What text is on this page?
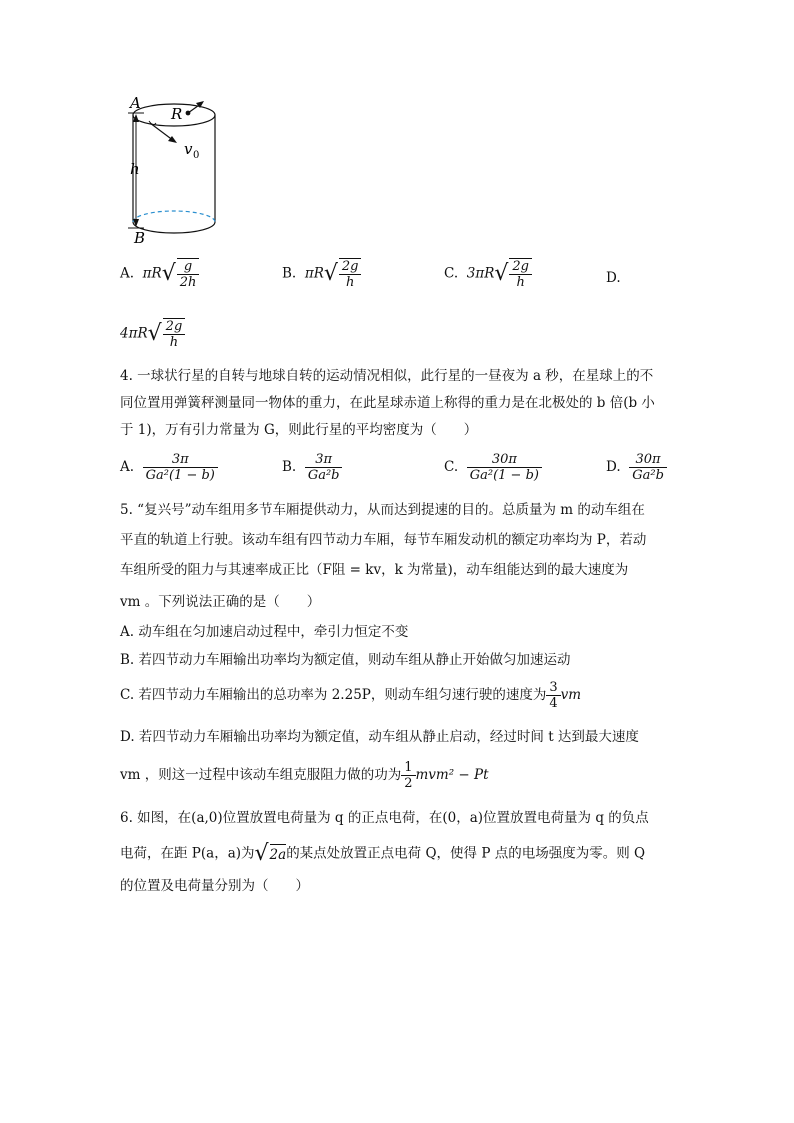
A
B
R
h
v 0
A. $\pi R√ \frac{g}{2h}$	B. $\pi R√ \frac{2g}{h}$	C. $3\pi R√ \frac{2g}{h}$	D.
$4\pi R√ \frac{2g}{h}$
4. 一球状行星的自转与地球自转的运动情况相似，此行星的一昼夜为 a 秒，在星球上的不
同位置用弹簧秤测量同一物体的重力，在此星球赤道上称得的重力是在北极处的 b 倍(b 小
于 1)，万有引力常量为 G，则此行星的平均密度为（　　）
A. $\frac{3\pi}{\text{Ga²(1 − b)}}$	B. $\frac{3\pi}{\text{Ga²b}}$	C. $\frac{30\pi}{\text{Ga²(1 − b)}}$	D. $\frac{30\pi}{\text{Ga²b}}$
5. “复兴号”动车组用多节车厢提供动力，从而达到提速的目的。总质量为 m 的动车组在
平直的轨道上行驶。该动车组有四节动力车厢，每节车厢发动机的额定功率均为 P，若动
车组所受的阻力与其速率成正比（F阻 = kv，k 为常量)，动车组能达到的最大速度为
vm 。下列说法正确的是（　　）
A. 动车组在匀加速启动过程中，牵引力恒定不变
B. 若四节动力车厢输出功率均为额定值，则动车组从静止开始做匀加速运动
C. 若四节动力车厢输出的总功率为 2.25P，则动车组匀速行驶的速度为 $\frac{3}{4}$ vm
D. 若四节动力车厢输出功率均为额定值，动车组从静止启动，经过时间 t 达到最大速度
vm ，则这一过程中该动车组克服阻力做的功为 $\frac{1}{2} mvm^2 - Pt$
6. 如图，在(a,0)位置放置电荷量为 q 的正点电荷，在(0，a)位置放置电荷量为 q 的负点
电荷，在距 P(a，a)为√2a的某点处放置正点电荷 Q，使得 P 点的电场强度为零。则 Q
的位置及电荷量分别为（　　）
